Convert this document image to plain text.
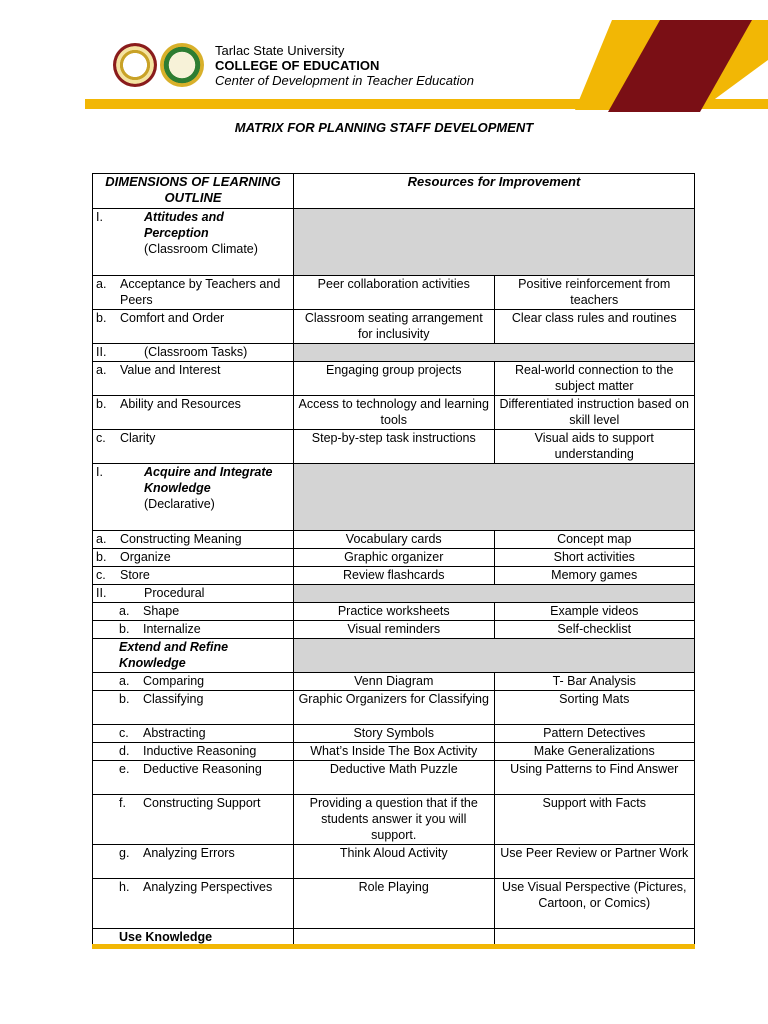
Tarlac State University
COLLEGE OF EDUCATION
Center of Development in Teacher Education
MATRIX FOR PLANNING STAFF DEVELOPMENT
DIMENSIONS OF LEARNING OUTLINE	Resources for Improvement	

I. Attitudes and Perception
(Classroom Climate)		

a. Acceptance by Teachers and Peers	Peer collaboration activities	Positive reinforcement from teachers

b. Comfort and Order	Classroom seating arrangement for inclusivity	Clear class rules and routines

II. (Classroom Tasks)		

a. Value and Interest	Engaging group projects	Real-world connection to the subject matter

b. Ability and Resources	Access to technology and learning tools	Differentiated instruction based on skill level

c. Clarity	Step-by-step task instructions	Visual aids to support understanding

I. Acquire and Integrate Knowledge
(Declarative)		

a. Constructing Meaning	Vocabulary cards	Concept map

b. Organize	Graphic organizer	Short activities

c. Store	Review flashcards	Memory games

II. Procedural		

a. Shape	Practice worksheets	Example videos

b. Internalize	Visual reminders	Self-checklist

Extend and Refine Knowledge		

a. Comparing	Venn Diagram	T- Bar Analysis

b. Classifying	Graphic Organizers for Classifying	Sorting Mats

c. Abstracting	Story Symbols	Pattern Detectives

d. Inductive Reasoning	What’s Inside The Box Activity	Make Generalizations

e. Deductive Reasoning	Deductive Math Puzzle	Using Patterns to Find Answer

f. Constructing Support	Providing a question that if the students answer it you will support.	Support with Facts

g. Analyzing Errors	Think Aloud Activity	Use Peer Review or Partner Work

h. Analyzing Perspectives	Role Playing	Use Visual Perspective (Pictures, Cartoon, or Comics)

Use Knowledge		
